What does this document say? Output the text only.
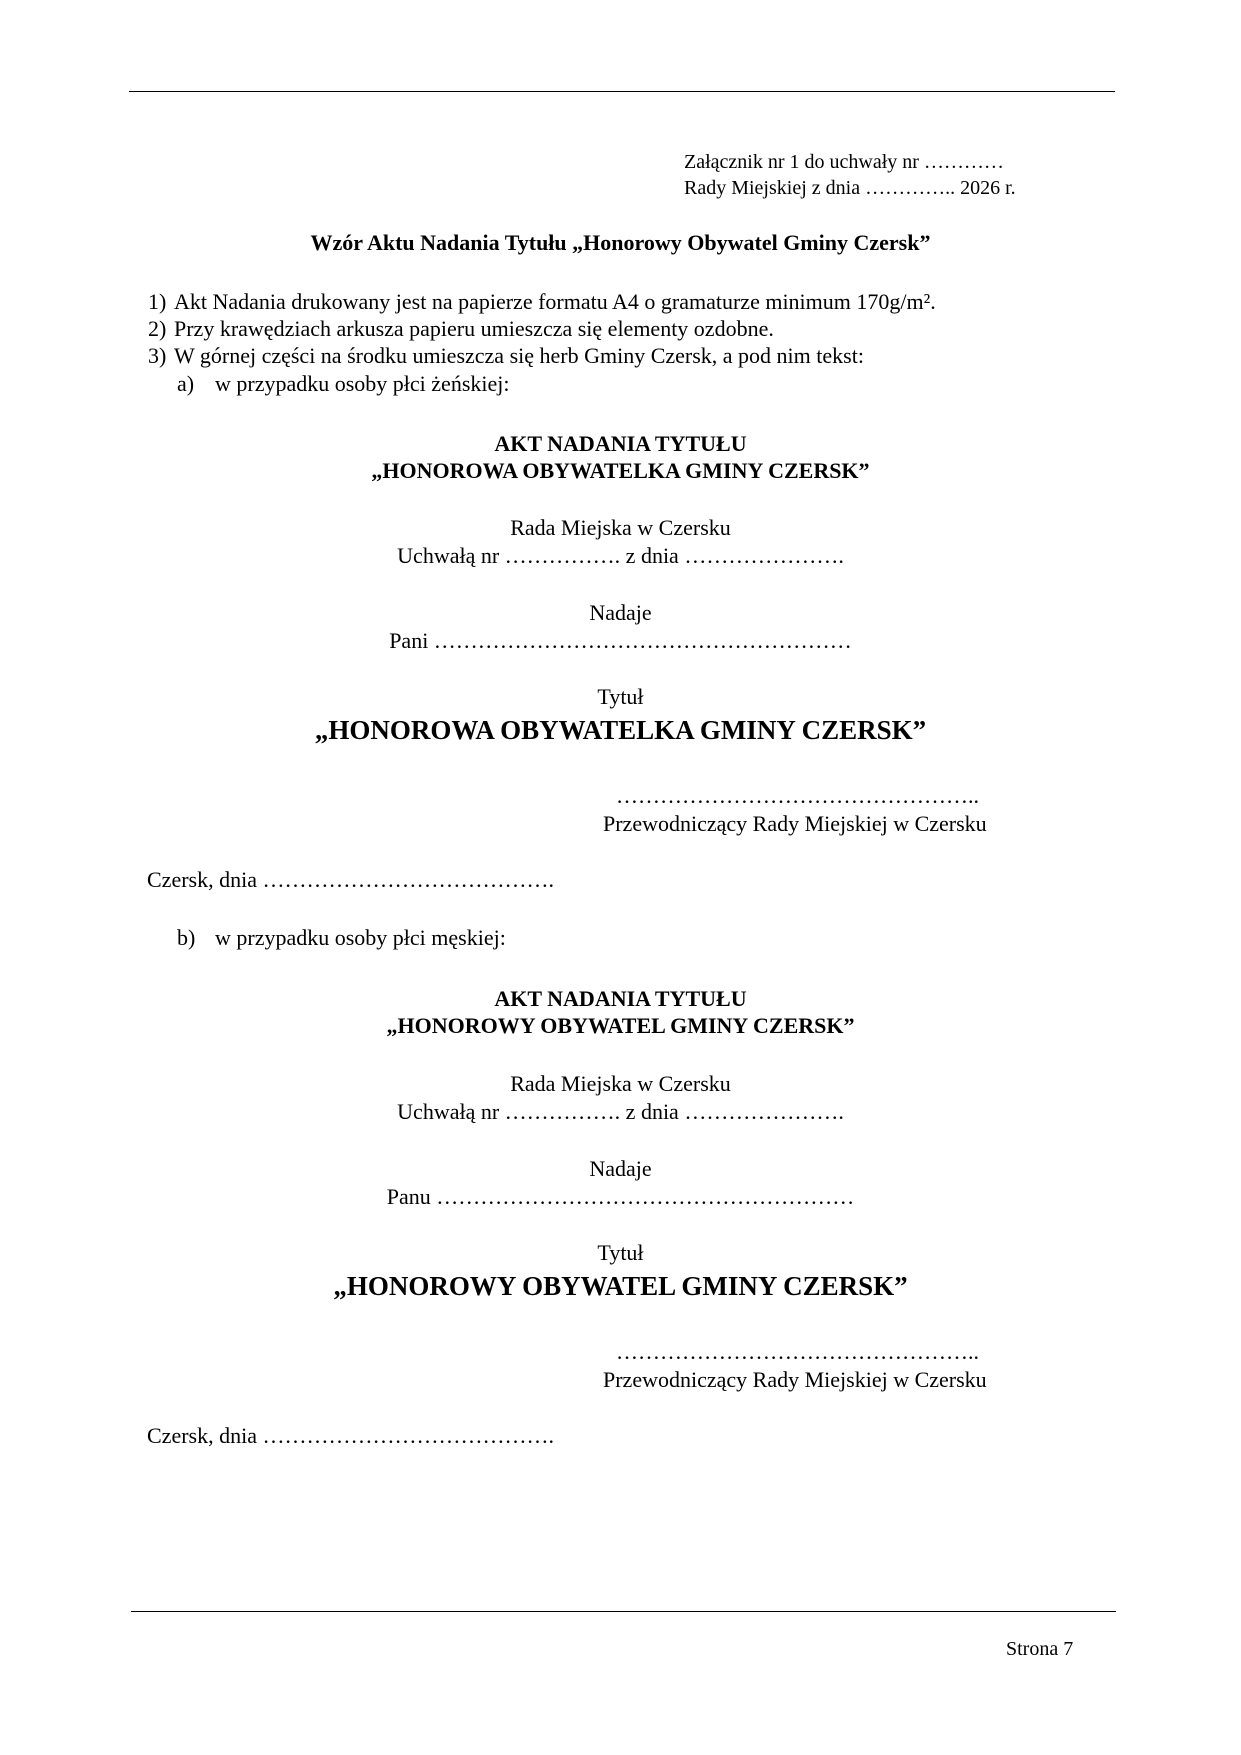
Załącznik nr 1 do uchwały nr …………
Rady Miejskiej z dnia ………….. 2026 r.
Wzór Aktu Nadania Tytułu „Honorowy Obywatel Gminy Czersk”
1) Akt Nadania drukowany jest na papierze formatu A4 o gramaturze minimum 170g/m².
2) Przy krawędziach arkusza papieru umieszcza się elementy ozdobne.
3) W górnej części na środku umieszcza się herb Gminy Czersk, a pod nim tekst:
a) w przypadku osoby płci żeńskiej:
AKT NADANIA TYTUŁU
„HONOROWA OBYWATELKA GMINY CZERSK”
Rada Miejska w Czersku
Uchwałą nr ……………. z dnia ………………….
Nadaje
Pani …………………………………………………
Tytuł
„HONOROWA OBYWATELKA GMINY CZERSK”
…………………………………………..
Przewodniczący Rady Miejskiej w Czersku
Czersk, dnia ………………………………….
b) w przypadku osoby płci męskiej:
AKT NADANIA TYTUŁU
„HONOROWY OBYWATEL GMINY CZERSK”
Rada Miejska w Czersku
Uchwałą nr ……………. z dnia ………………….
Nadaje
Panu …………………………………………………
Tytuł
„HONOROWY OBYWATEL GMINY CZERSK”
…………………………………………..
Przewodniczący Rady Miejskiej w Czersku
Czersk, dnia ………………………………….
Strona 7
